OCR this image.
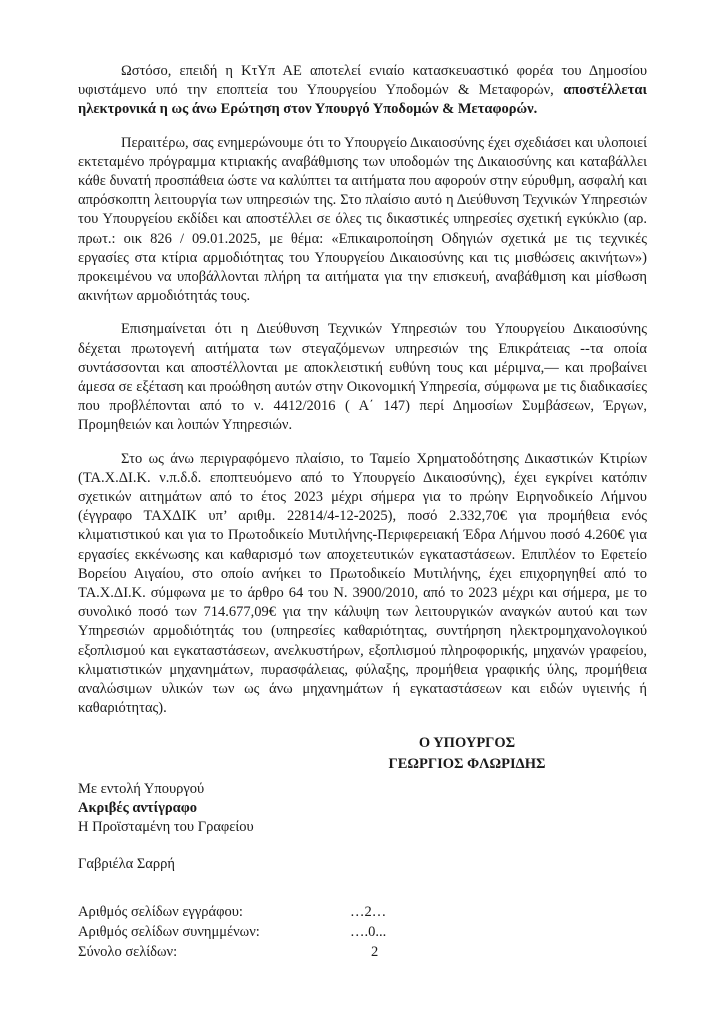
Ωστόσο, επειδή η ΚτΥπ ΑΕ αποτελεί ενιαίο κατασκευαστικό φορέα του Δημοσίου υφιστάμενο υπό την εποπτεία του Υπουργείου Υποδομών & Μεταφορών, αποστέλλεται ηλεκτρονικά η ως άνω Ερώτηση στον Υπουργό Υποδομών & Μεταφορών.

Περαιτέρω, σας ενημερώνουμε ότι το Υπουργείο Δικαιοσύνης έχει σχεδιάσει και υλοποιεί εκτεταμένο πρόγραμμα κτιριακής αναβάθμισης των υποδομών της Δικαιοσύνης και καταβάλλει κάθε δυνατή προσπάθεια ώστε να καλύπτει τα αιτήματα που αφορούν στην εύρυθμη, ασφαλή και απρόσκοπτη λειτουργία των υπηρεσιών της. Στο πλαίσιο αυτό η Διεύθυνση Τεχνικών Υπηρεσιών του Υπουργείου εκδίδει και αποστέλλει σε όλες τις δικαστικές υπηρεσίες σχετική εγκύκλιο (αρ. πρωτ.: οικ 826 / 09.01.2025, με θέμα: «Επικαιροποίηση Οδηγιών σχετικά με τις τεχνικές εργασίες στα κτίρια αρμοδιότητας του Υπουργείου Δικαιοσύνης και τις μισθώσεις ακινήτων») προκειμένου να υποβάλλονται πλήρη τα αιτήματα για την επισκευή, αναβάθμιση και μίσθωση ακινήτων αρμοδιότητάς τους.

Επισημαίνεται ότι η Διεύθυνση Τεχνικών Υπηρεσιών του Υπουργείου Δικαιοσύνης δέχεται πρωτογενή αιτήματα των στεγαζόμενων υπηρεσιών της Επικράτειας --τα οποία συντάσσονται και αποστέλλονται με αποκλειστική ευθύνη τους και μέριμνα,— και προβαίνει άμεσα σε εξέταση και προώθηση αυτών στην Οικονομική Υπηρεσία, σύμφωνα με τις διαδικασίες που προβλέπονται από το ν. 4412/2016 ( Α΄ 147) περί Δημοσίων Συμβάσεων, Έργων, Προμηθειών και λοιπών Υπηρεσιών.

Στο ως άνω περιγραφόμενο πλαίσιο, το Ταμείο Χρηματοδότησης Δικαστικών Κτιρίων (ΤΑ.Χ.ΔΙ.Κ. ν.π.δ.δ. εποπτευόμενο από το Υπουργείο Δικαιοσύνης), έχει εγκρίνει κατόπιν σχετικών αιτημάτων από το έτος 2023 μέχρι σήμερα για το πρώην Ειρηνοδικείο Λήμνου (έγγραφο ΤΑΧΔΙΚ υπ’ αριθμ. 22814/4-12-2025), ποσό 2.332,70€ για προμήθεια ενός κλιματιστικού και για το Πρωτοδικείο Μυτιλήνης-Περιφερειακή Έδρα Λήμνου ποσό 4.260€ για εργασίες εκκένωσης και καθαρισμό των αποχετευτικών εγκαταστάσεων. Επιπλέον το Εφετείο Βορείου Αιγαίου, στο οποίο ανήκει το Πρωτοδικείο Μυτιλήνης, έχει επιχορηγηθεί από το ΤΑ.Χ.ΔΙ.Κ. σύμφωνα με το άρθρο 64 του Ν. 3900/2010, από το 2023 μέχρι και σήμερα, με το συνολικό ποσό των 714.677,09€ για την κάλυψη των λειτουργικών αναγκών αυτού και των Υπηρεσιών αρμοδιότητάς του (υπηρεσίες καθαριότητας, συντήρηση ηλεκτρομηχανολογικού εξοπλισμού και εγκαταστάσεων, ανελκυστήρων, εξοπλισμού πληροφορικής, μηχανών γραφείου, κλιματιστικών μηχανημάτων, πυρασφάλειας, φύλαξης, προμήθεια γραφικής ύλης, προμήθεια αναλώσιμων υλικών των ως άνω μηχανημάτων ή εγκαταστάσεων και ειδών υγιεινής ή καθαριότητας).

Ο ΥΠΟΥΡΓΟΣ
ΓΕΩΡΓΙΟΣ ΦΛΩΡΙΔΗΣ
Με εντολή Υπουργού
Ακριβές αντίγραφο
Η Προϊσταμένη του Γραφείου
Γαβριέλα Σαρρή
Αριθμός σελίδων εγγράφου:	…2…
Αριθμός σελίδων συνημμένων:	….0...
Σύνολο σελίδων:	2
